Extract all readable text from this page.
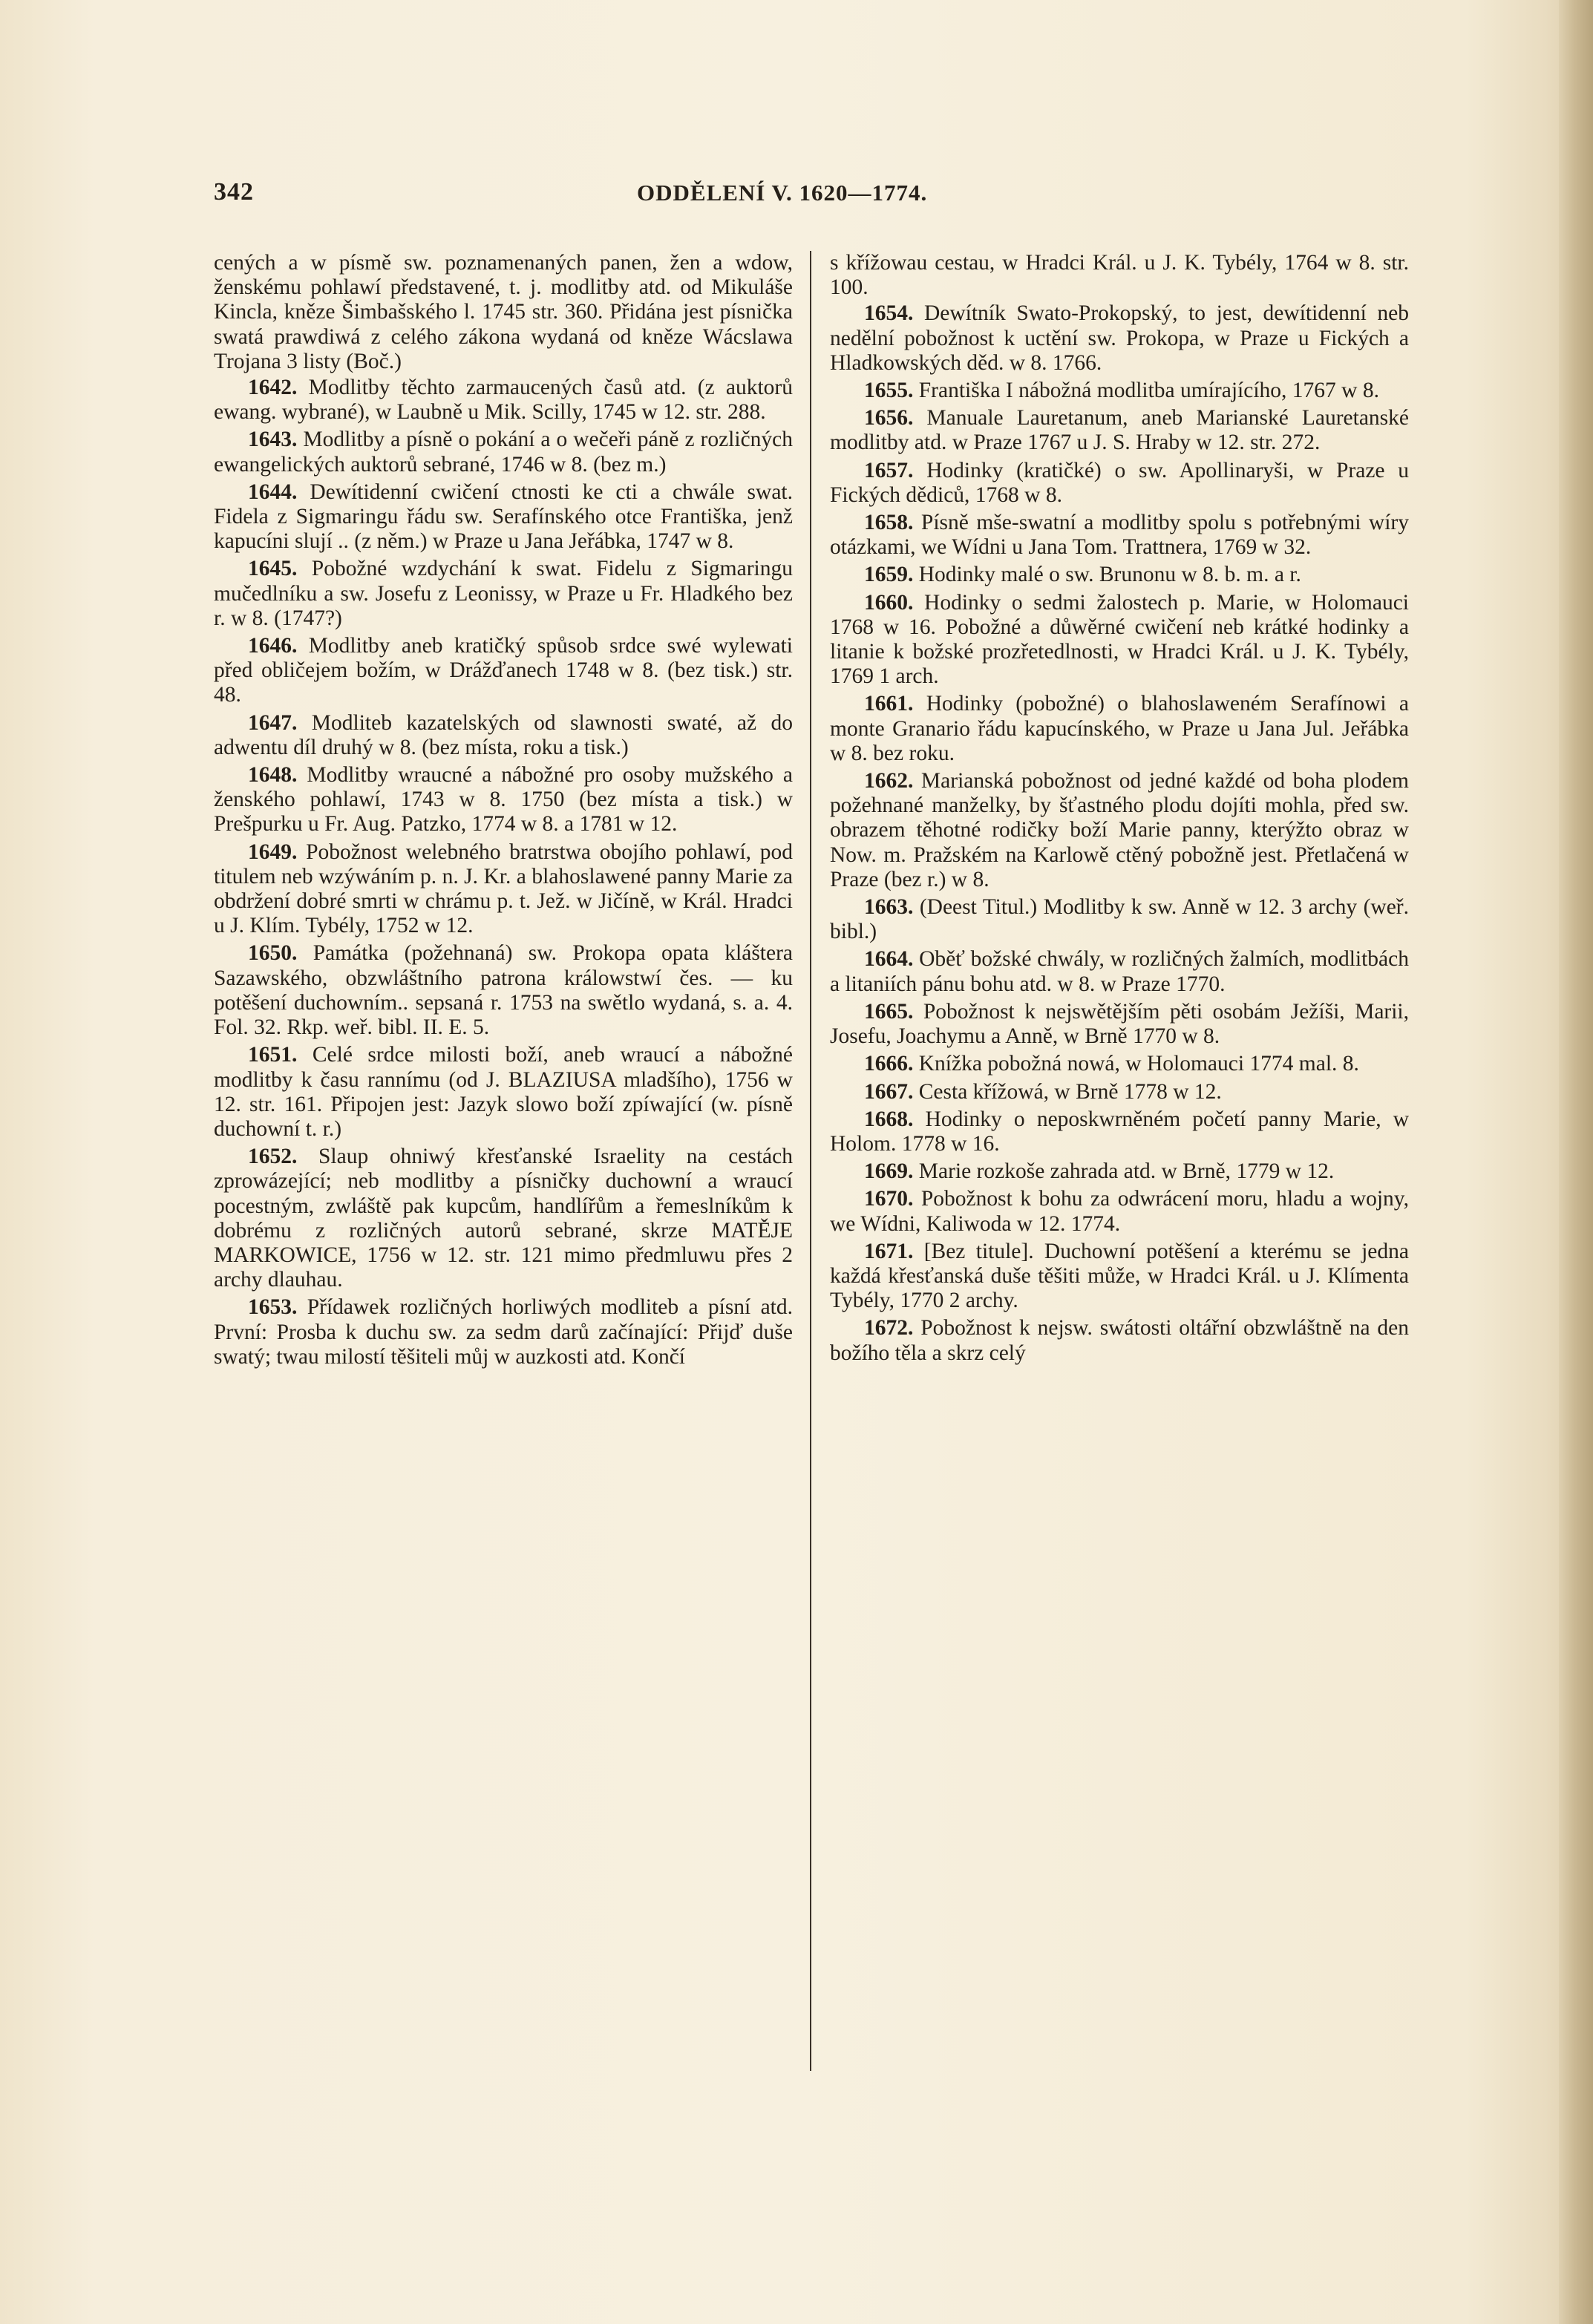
342	ODDĚLENÍ V. 1620—1774.

cených a w písmě sw. poznamenaných panen, žen a wdow, ženskému pohlawí představené, t. j. modlitby atd. od Mikuláše Kincla, kněze Šimbašského l. 1745 str. 360. Přidána jest písnička swatá prawdiwá z celého zákona wydaná od kněze Wácslawa Trojana 3 listy (Boč.)

1642. Modlitby těchto zarmaucených časů atd. (z auktorů ewang. wybrané), w Laubně u Mik. Scilly, 1745 w 12. str. 288.

1643. Modlitby a písně o pokání a o wečeři páně z rozličných ewangelických auktorů sebrané, 1746 w 8. (bez m.)

1644. Dewítidenní cwičení ctnosti ke cti a chwále swat. Fidela z Sigmaringu řádu sw. Serafínského otce Františka, jenž kapucíni slují .. (z něm.) w Praze u Jana Jeřábka, 1747 w 8.

1645. Pobožné wzdychání k swat. Fidelu z Sigmaringu mučedlníku a sw. Josefu z Leonissy, w Praze u Fr. Hladkého bez r. w 8. (1747?)

1646. Modlitby aneb kratičký spůsob srdce swé wylewati před obličejem božím, w Drážďanech 1748 w 8. (bez tisk.) str. 48.

1647. Modliteb kazatelských od slawnosti swaté, až do adwentu díl druhý w 8. (bez místa, roku a tisk.)

1648. Modlitby wraucné a nábožné pro osoby mužského a ženského pohlawí, 1743 w 8. 1750 (bez místa a tisk.) w Prešpurku u Fr. Aug. Patzko, 1774 w 8. a 1781 w 12.

1649. Pobožnost welebného bratrstwa obojího pohlawí, pod titulem neb wzýwáním p. n. J. Kr. a blahoslawené panny Marie za obdržení dobré smrti w chrámu p. t. Jež. w Jičíně, w Král. Hradci u J. Klím. Tybély, 1752 w 12.

1650. Památka (požehnaná) sw. Prokopa opata kláštera Sazawského, obzwláštního patrona králowstwí čes. — ku potěšení duchowním.. sepsaná r. 1753 na swětlo wydaná, s. a. 4. Fol. 32. Rkp. weř. bibl. II. E. 5.

1651. Celé srdce milosti boží, aneb wraucí a nábožné modlitby k času rannímu (od J. BLAZIUSA mladšího), 1756 w 12. str. 161. Připojen jest: Jazyk slowo boží zpíwající (w. písně duchowní t. r.)

1652. Slaup ohniwý křesťanské Israelity na cestách zprowázející; neb modlitby a písničky duchowní a wraucí pocestným, zwláště pak kupcům, handlířům a řemeslníkům k dobrému z rozličných autorů sebrané, skrze MATĚJE MARKOWICE, 1756 w 12. str. 121 mimo předmluwu přes 2 archy dlauhau.

1653. Přídawek rozličných horliwých modliteb a písní atd. První: Prosba k duchu sw. za sedm darů začínající: Přijď duše swatý; twau milostí těšiteli můj w auzkosti atd. Končí

s křížowau cestau, w Hradci Král. u J. K. Tybély, 1764 w 8. str. 100.

1654. Dewítník Swato-Prokopský, to jest, dewítidenní neb nedělní pobožnost k uctění sw. Prokopa, w Praze u Fických a Hladkowských děd. w 8. 1766.

1655. Františka I nábožná modlitba umírajícího, 1767 w 8.

1656. Manuale Lauretanum, aneb Marianské Lauretanské modlitby atd. w Praze 1767 u J. S. Hraby w 12. str. 272.

1657. Hodinky (kratičké) o sw. Apollinaryši, w Praze u Fických dědiců, 1768 w 8.

1658. Písně mše-swatní a modlitby spolu s potřebnými wíry otázkami, we Wídni u Jana Tom. Trattnera, 1769 w 32.

1659. Hodinky malé o sw. Brunonu w 8. b. m. a r.

1660. Hodinky o sedmi žalostech p. Marie, w Holomauci 1768 w 16. Pobožné a důwěrné cwičení neb krátké hodinky a litanie k božské prozřetedlnosti, w Hradci Král. u J. K. Tybély, 1769 1 arch.

1661. Hodinky (pobožné) o blahoslaweném Serafínowi a monte Granario řádu kapucínského, w Praze u Jana Jul. Jeřábka w 8. bez roku.

1662. Marianská pobožnost od jedné každé od boha plodem požehnané manželky, by šťastného plodu dojíti mohla, před sw. obrazem těhotné rodičky boží Marie panny, kterýžto obraz w Now. m. Pražském na Karlowě ctěný pobožně jest. Přetlačená w Praze (bez r.) w 8.

1663. (Deest Titul.) Modlitby k sw. Anně w 12. 3 archy (weř. bibl.)

1664. Oběť božské chwály, w rozličných žalmích, modlitbách a litaniích pánu bohu atd. w 8. w Praze 1770.

1665. Pobožnost k nejswětějším pěti osobám Ježíši, Marii, Josefu, Joachymu a Anně, w Brně 1770 w 8.

1666. Knížka pobožná nowá, w Holomauci 1774 mal. 8.

1667. Cesta křížowá, w Brně 1778 w 12.

1668. Hodinky o neposkwrněném početí panny Marie, w Holom. 1778 w 16.

1669. Marie rozkoše zahrada atd. w Brně, 1779 w 12.

1670. Pobožnost k bohu za odwrácení moru, hladu a wojny, we Wídni, Kaliwoda w 12. 1774.

1671. [Bez titule]. Duchowní potěšení a kterému se jedna každá křesťanská duše těšiti může, w Hradci Král. u J. Klímenta Tybély, 1770 2 archy.

1672. Pobožnost k nejsw. swátosti oltářní obzwláštně na den božího těla a skrz celý
